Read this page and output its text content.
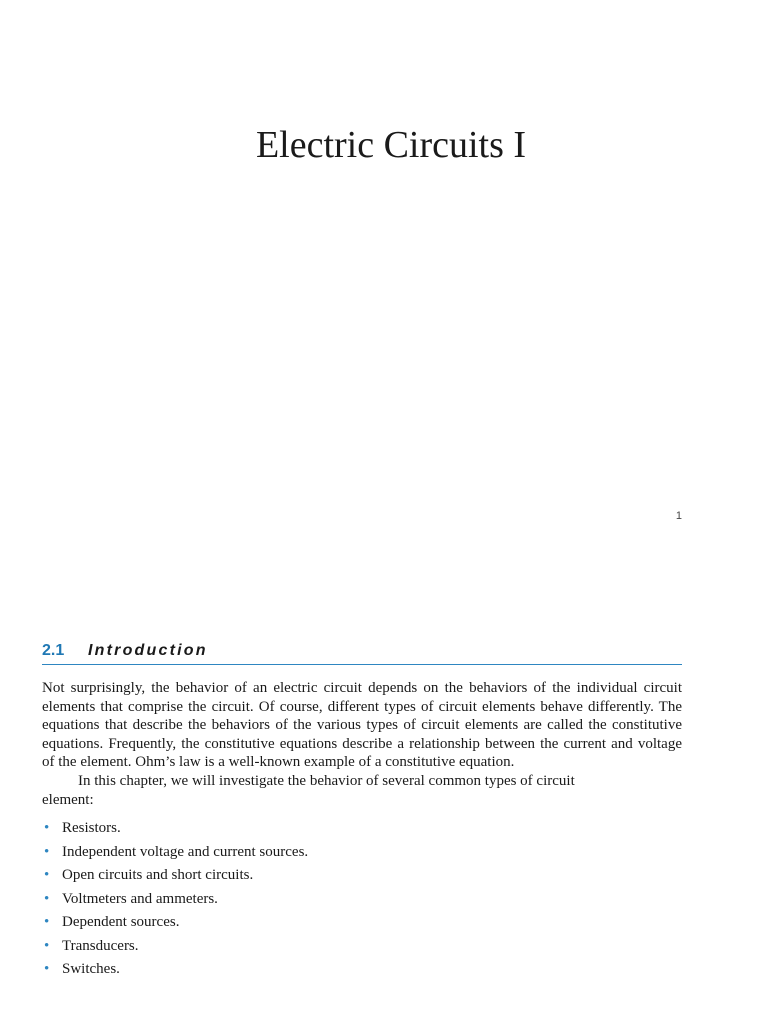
Electric Circuits I
1
2.1 Introduction

Not surprisingly, the behavior of an electric circuit depends on the behaviors of the individual circuit elements that comprise the circuit. Of course, different types of circuit elements behave differently. The equations that describe the behaviors of the various types of circuit elements are called the constitutive equations. Frequently, the constitutive equations describe a relationship between the current and voltage of the element. Ohm’s law is a well-known example of a constitutive equation.

In this chapter, we will investigate the behavior of several common types of circuit element:

• Resistors.
• Independent voltage and current sources.
• Open circuits and short circuits.
• Voltmeters and ammeters.
• Dependent sources.
• Transducers.
• Switches.
